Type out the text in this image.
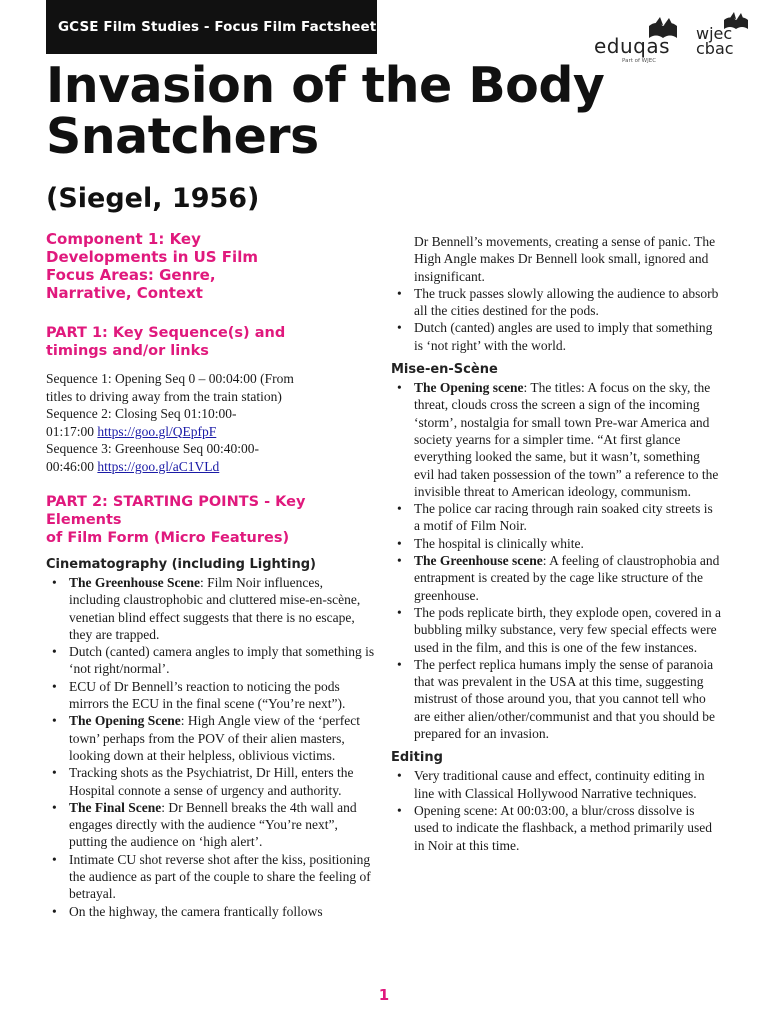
GCSE Film Studies - Focus Film Factsheet
eduqas
Part of WJEC
wjec
cbac
Invasion of the Body
Snatchers
(Siegel, 1956)
Component 1: Key
Developments in US Film
Focus Areas: Genre,
Narrative, Context
PART 1: Key Sequence(s) and
timings and/or links

Sequence 1: Opening Seq 0 – 00:04:00 (From

titles to driving away from the train station)

Sequence 2: Closing Seq 01:10:00-

01:17:00 https://goo.gl/QEpfpF

Sequence 3: Greenhouse Seq 00:40:00-

00:46:00 https://goo.gl/aC1VLd

PART 2: STARTING POINTS - Key Elements
of Film Form (Micro Features)
Cinematography (including Lighting)
• The Greenhouse Scene: Film Noir influences, including claustrophobic and cluttered mise-en-scène, venetian blind effect suggests that there is no escape, they are trapped.
• Dutch (canted) camera angles to imply that something is ‘not right/normal’.
• ECU of Dr Bennell’s reaction to noticing the pods mirrors the ECU in the final scene (“You’re next”).
• The Opening Scene: High Angle view of the ‘perfect town’ perhaps from the POV of their alien masters, looking down at their helpless, oblivious victims.
• Tracking shots as the Psychiatrist, Dr Hill, enters the Hospital connote a sense of urgency and authority.
• The Final Scene: Dr Bennell breaks the 4th wall and engages directly with the audience “You’re next”, putting the audience on ‘high alert’.
• Intimate CU shot reverse shot after the kiss, positioning the audience as part of the couple to share the feeling of betrayal.
• On the highway, the camera frantically follows

Dr Bennell’s movements, creating a sense of panic. The High Angle makes Dr Bennell look small, ignored and insignificant.

• The truck passes slowly allowing the audience to absorb all the cities destined for the pods.
• Dutch (canted) angles are used to imply that something is ‘not right’ with the world.
Mise-en-Scène
• The Opening scene: The titles: A focus on the sky, the threat, clouds cross the screen a sign of the incoming ‘storm’, nostalgia for small town Pre-war America and society yearns for a simpler time. “At first glance everything looked the same, but it wasn’t, something evil had taken possession of the town” a reference to the invisible threat to American ideology, communism.
• The police car racing through rain soaked city streets is a motif of Film Noir.
• The hospital is clinically white.
• The Greenhouse scene: A feeling of claustrophobia and entrapment is created by the cage like structure of the greenhouse.
• The pods replicate birth, they explode open, covered in a bubbling milky substance, very few special effects were used in the film, and this is one of the few instances.
• The perfect replica humans imply the sense of paranoia that was prevalent in the USA at this time, suggesting mistrust of those around you, that you cannot tell who are either alien/other/communist and that you should be prepared for an invasion.
Editing
• Very traditional cause and effect, continuity editing in line with Classical Hollywood Narrative techniques.
• Opening scene: At 00:03:00, a blur/cross dissolve is used to indicate the flashback, a method primarily used in Noir at this time.
1
